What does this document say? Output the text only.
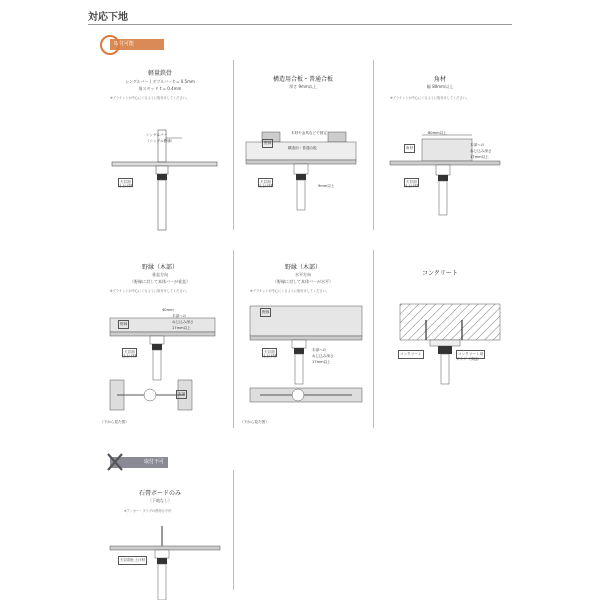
対応下地
取付可能
軽量鉄骨
シングルバー / ダブルバー t = 0.5mm
角スタッド t = 0.4mm
※ブラケットが中心にくるように取付けしてください。
シングルバー
（シングル野縁）
天井面
仕上げ材
構造用合板・普通合板
厚さ 9mm以上
木材や金具などで固定
野縁
構造用・普通合板
天井面
仕上げ材	9mm以上
角材
幅 80mm以上
※ブラケットが中心にくるように取付けしてください。
80mm以上
角材
木部への
ねじ込み深さ
17mm以上
天井面
仕上げ材
野縁（木部）
垂直方向
（野縁に対して本体バーが垂直）
※ブラケットが中心にくるように取付けしてください。
40mm
木部への
ねじ込み深さ
17mm以上
野縁
天井面
仕上げ材
木部
（下から見た図）
野縁（木部）
水平方向
（野縁に対して本体バーが水平）
※ブラケットが中心にくるように取付けしてください。
野縁
天井面
仕上げ材
木部への
ねじ込み深さ
17mm以上
（下から見た図）
コンクリート
コンクリート	コンクリート用
プラグ（別途）
取付不可
石膏ボードのみ
（下地なし）
※アンカー・プラグの併用も不可
天井面仕上げ材
